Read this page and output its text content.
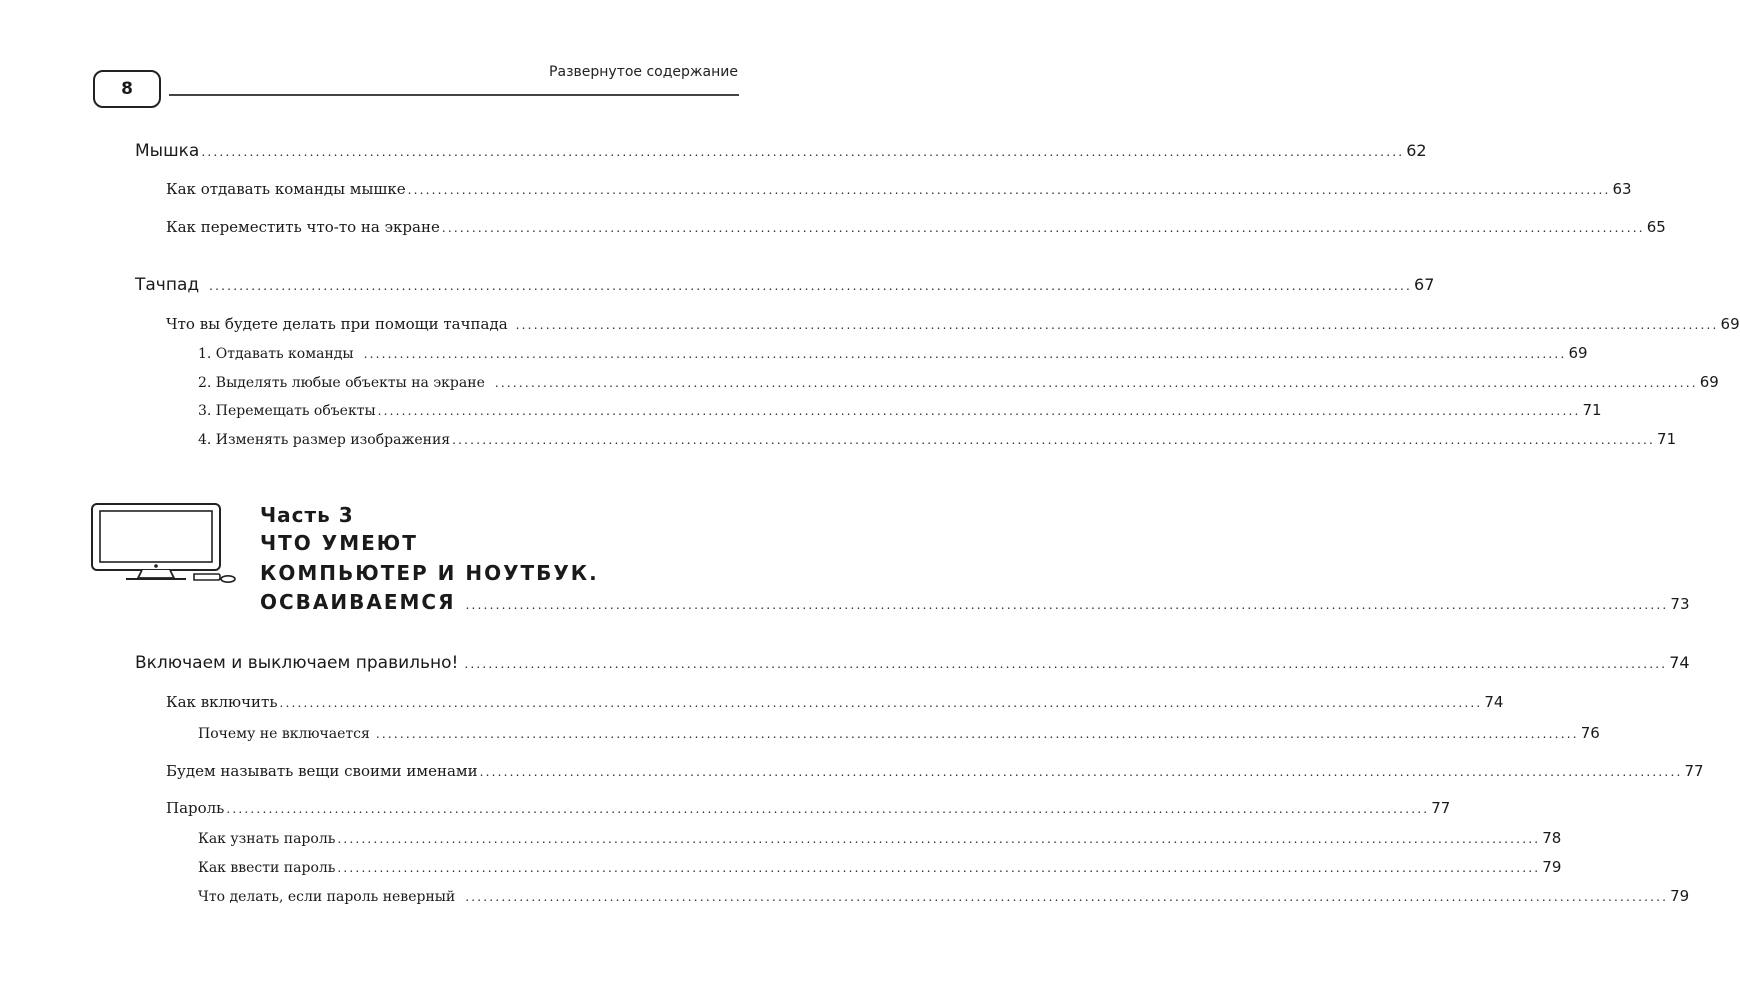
8
Развернутое содержание
Мышка ........................................................................................................................................................................................................ 62
Как отдавать команды мышке ........................................................................................................................................................................................................ 63
Как переместить что-то на экране ........................................................................................................................................................................................................ 65
Тачпад ........................................................................................................................................................................................................ 67
Что вы будете делать при помощи тачпада ........................................................................................................................................................................................................ 69
1. Отдавать команды ........................................................................................................................................................................................................ 69
2. Выделять любые объекты на экране ........................................................................................................................................................................................................ 69
3. Перемещать объекты ........................................................................................................................................................................................................ 71
4. Изменять размер изображения ........................................................................................................................................................................................................ 71
Часть 3
ЧТО УМЕЮТ
КОМПЬЮТЕР И НОУТБУК.
ОСВАИВАЕМСЯ ........................................................................................................................................................................................................ 73
Включаем и выключаем правильно! ........................................................................................................................................................................................................ 74
Как включить ........................................................................................................................................................................................................ 74
Почему не включается ........................................................................................................................................................................................................ 76
Будем называть вещи своими именами ........................................................................................................................................................................................................ 77
Пароль ........................................................................................................................................................................................................ 77
Как узнать пароль ........................................................................................................................................................................................................ 78
Как ввести пароль ........................................................................................................................................................................................................ 79
Что делать, если пароль неверный ........................................................................................................................................................................................................ 79
